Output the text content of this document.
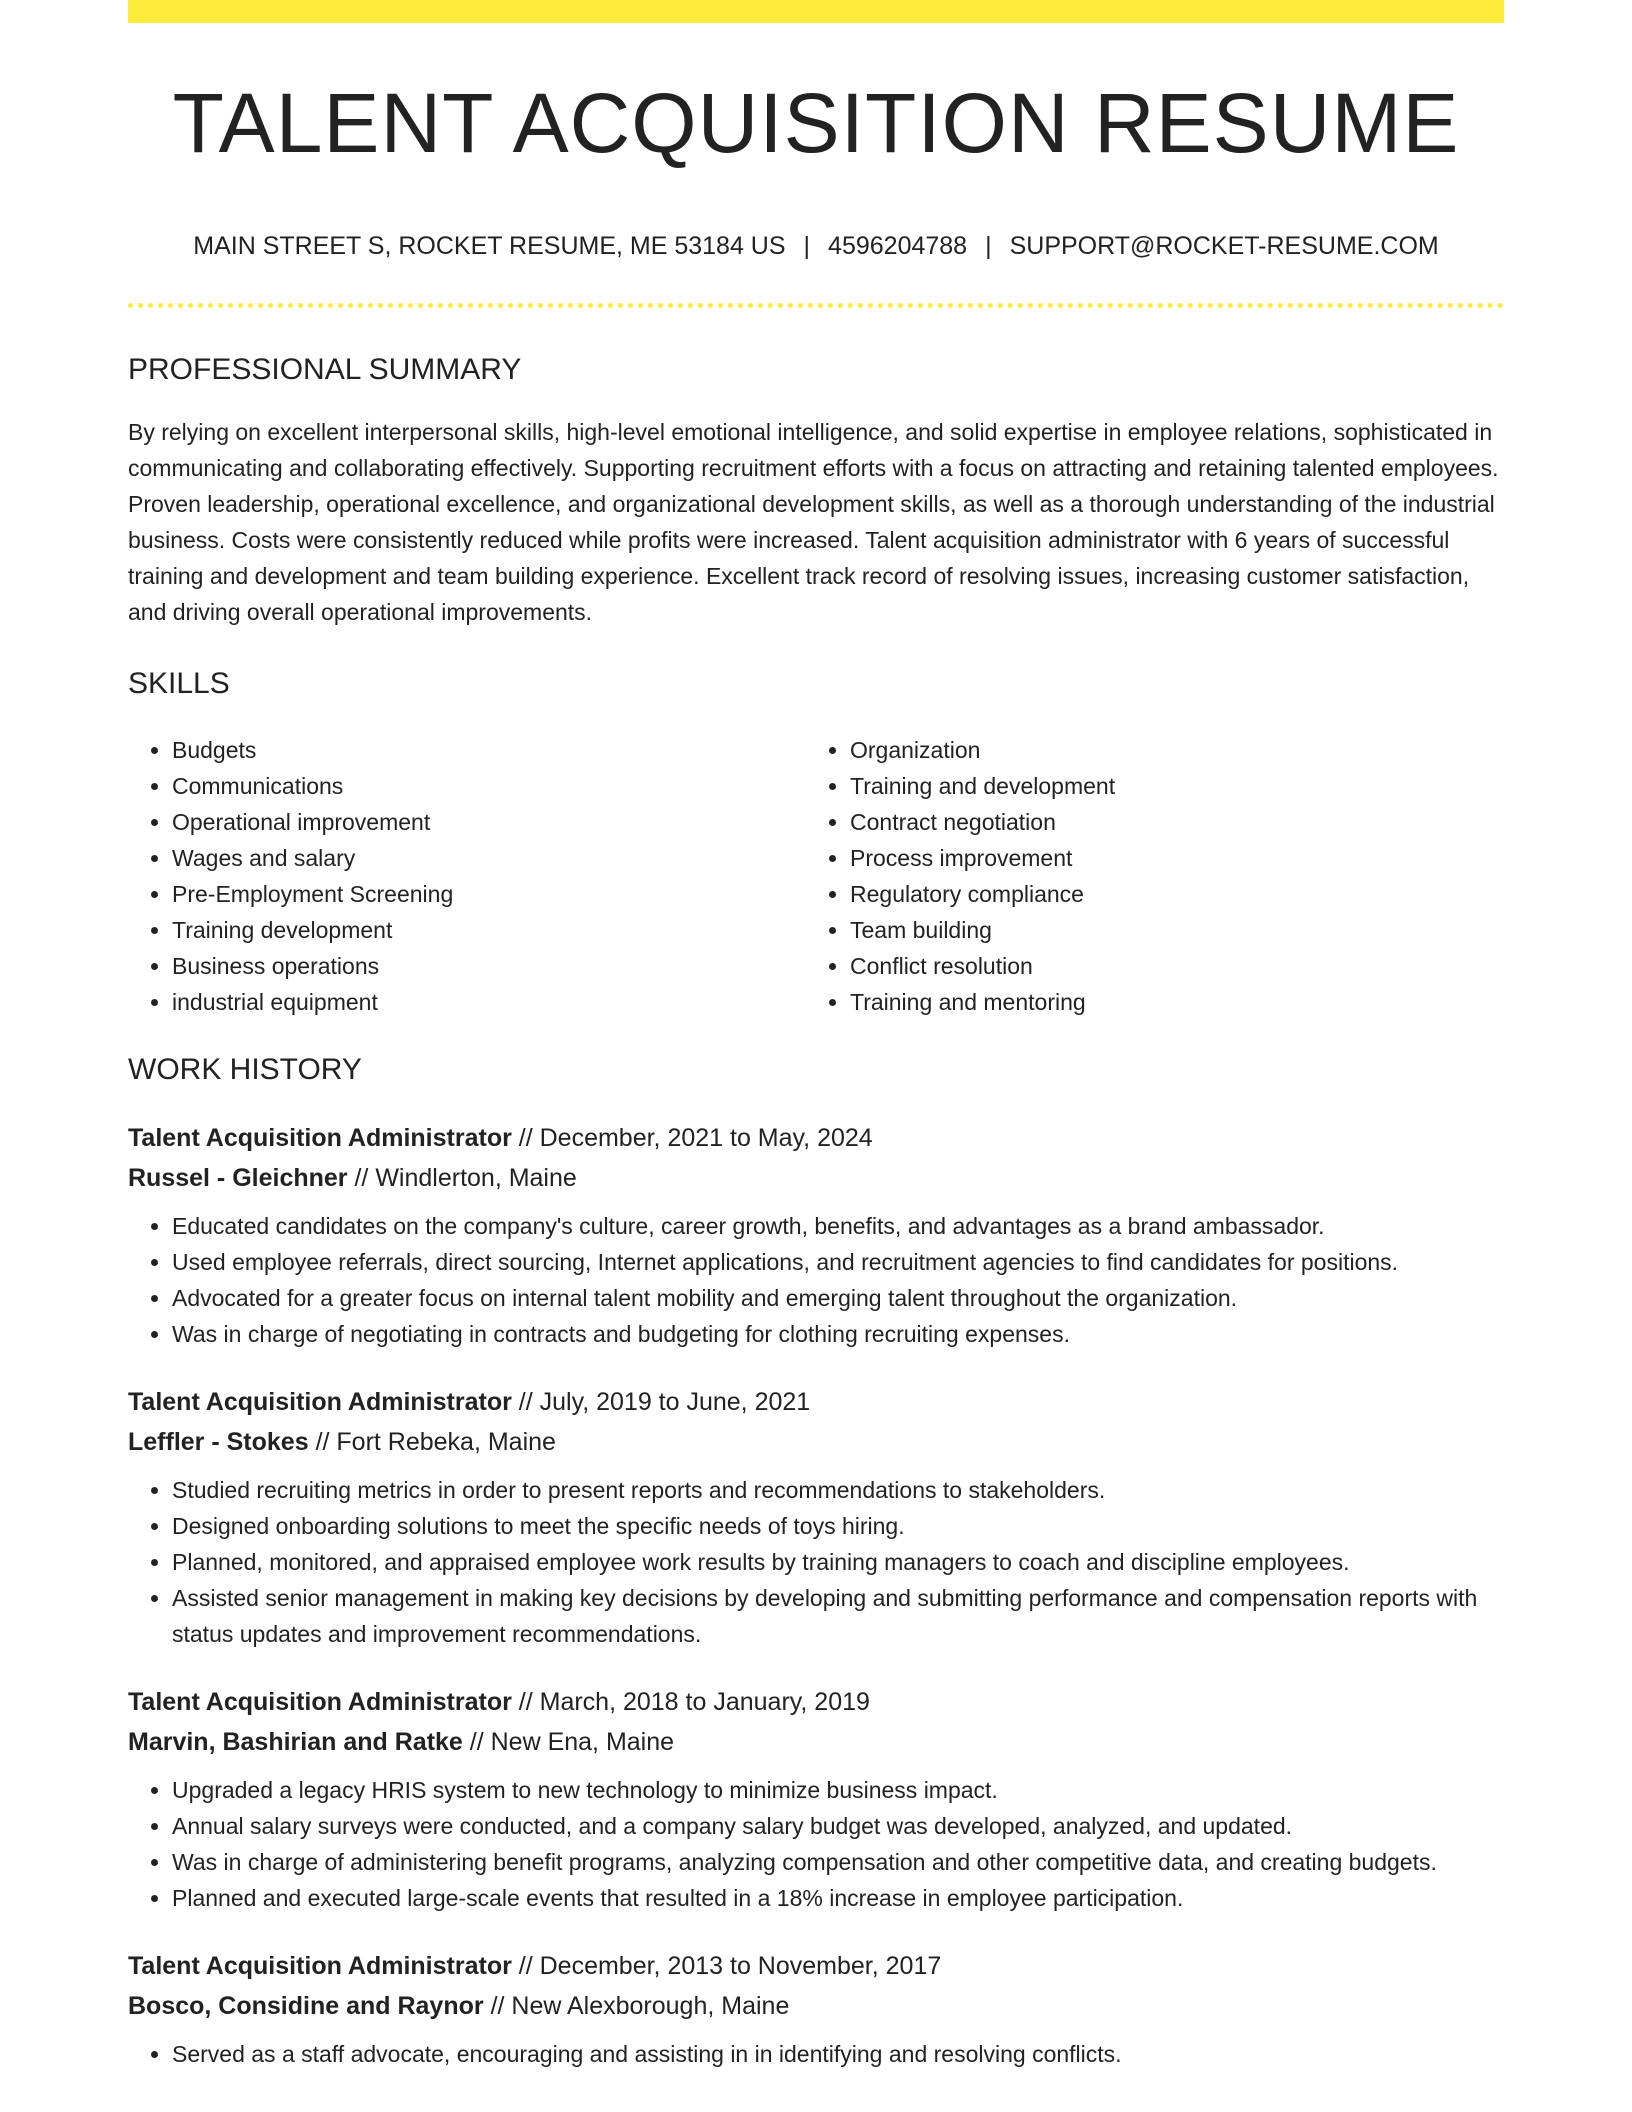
TALENT ACQUISITION RESUME
MAIN STREET S, ROCKET RESUME, ME 53184 US | 4596204788 | SUPPORT@ROCKET-RESUME.COM
PROFESSIONAL SUMMARY

By relying on excellent interpersonal skills, high-level emotional intelligence, and solid expertise in employee relations, sophisticated in communicating and collaborating effectively. Supporting recruitment efforts with a focus on attracting and retaining talented employees. Proven leadership, operational excellence, and organizational development skills, as well as a thorough understanding of the industrial business. Costs were consistently reduced while profits were increased. Talent acquisition administrator with 6 years of successful training and development and team building experience. Excellent track record of resolving issues, increasing customer satisfaction, and driving overall operational improvements.

SKILLS
• Budgets
• Communications
• Operational improvement
• Wages and salary
• Pre-Employment Screening
• Training development
• Business operations
• industrial equipment
• Organization
• Training and development
• Contract negotiation
• Process improvement
• Regulatory compliance
• Team building
• Conflict resolution
• Training and mentoring
WORK HISTORY
Talent Acquisition Administrator // December, 2021 to May, 2024
Russel - Gleichner // Windlerton, Maine
• Educated candidates on the company's culture, career growth, benefits, and advantages as a brand ambassador.
• Used employee referrals, direct sourcing, Internet applications, and recruitment agencies to find candidates for positions.
• Advocated for a greater focus on internal talent mobility and emerging talent throughout the organization.
• Was in charge of negotiating in contracts and budgeting for clothing recruiting expenses.
Talent Acquisition Administrator // July, 2019 to June, 2021
Leffler - Stokes // Fort Rebeka, Maine
• Studied recruiting metrics in order to present reports and recommendations to stakeholders.
• Designed onboarding solutions to meet the specific needs of toys hiring.
• Planned, monitored, and appraised employee work results by training managers to coach and discipline employees.
• Assisted senior management in making key decisions by developing and submitting performance and compensation reports with status updates and improvement recommendations.
Talent Acquisition Administrator // March, 2018 to January, 2019
Marvin, Bashirian and Ratke // New Ena, Maine
• Upgraded a legacy HRIS system to new technology to minimize business impact.
• Annual salary surveys were conducted, and a company salary budget was developed, analyzed, and updated.
• Was in charge of administering benefit programs, analyzing compensation and other competitive data, and creating budgets.
• Planned and executed large-scale events that resulted in a 18% increase in employee participation.
Talent Acquisition Administrator // December, 2013 to November, 2017
Bosco, Considine and Raynor // New Alexborough, Maine
• Served as a staff advocate, encouraging and assisting in in identifying and resolving conflicts.
